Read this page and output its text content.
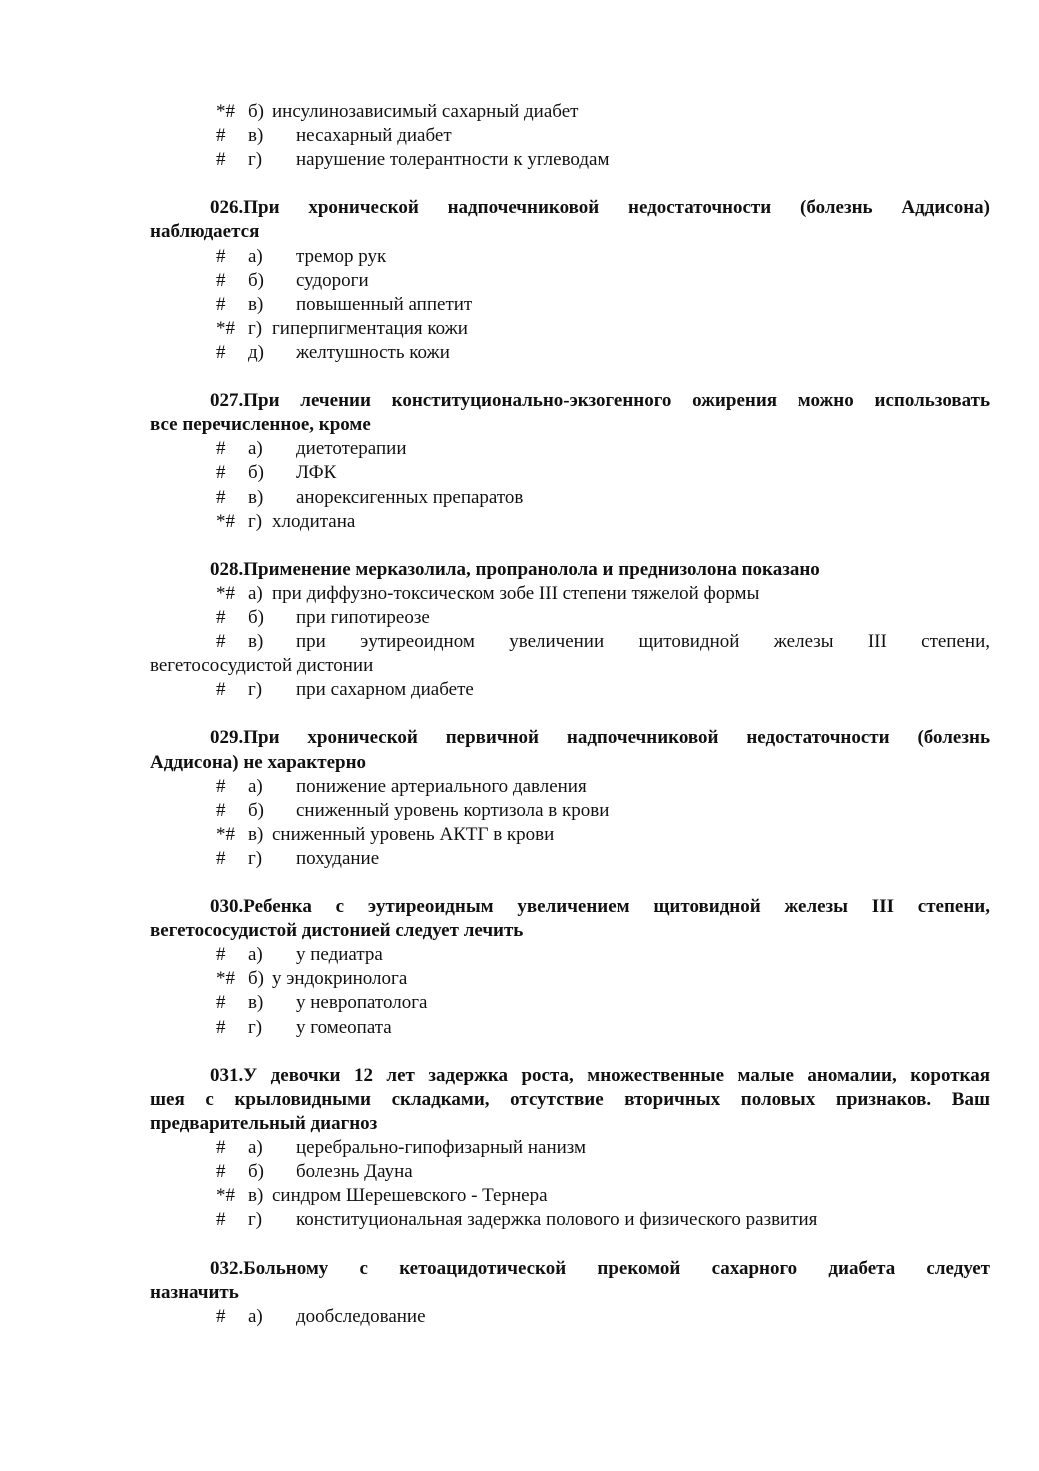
*# б) инсулинозависимый сахарный диабет
# в) несахарный диабет
# г) нарушение толерантности к углеводам
026.При хронической надпочечниковой недостаточности (болезнь Аддисона)
наблюдается
# а) тремор рук
# б) судороги
# в) повышенный аппетит
*# г) гиперпигментация кожи
# д) желтушность кожи
027.При лечении конституционально-экзогенного ожирения можно использовать
все перечисленное, кроме
# а) диетотерапии
# б) ЛФК
# в) анорексигенных препаратов
*# г) хлодитана
028.Применение мерказолила, пропранолола и преднизолона показано
*# а) при диффузно-токсическом зобе III степени тяжелой формы
# б) при гипотиреозе
# в) при эутиреоидном увеличении щитовидной железы III степени,
вегетососудистой дистонии
# г) при сахарном диабете
029.При хронической первичной надпочечниковой недостаточности (болезнь
Аддисона) не характерно
# а) понижение артериального давления
# б) сниженный уровень кортизола в крови
*# в) сниженный уровень АКТГ в крови
# г) похудание
030.Ребенка с эутиреоидным увеличением щитовидной железы III степени,
вегетососудистой дистонией следует лечить
# а) у педиатра
*# б) у эндокринолога
# в) у невропатолога
# г) у гомеопата
031.У девочки 12 лет задержка роста, множественные малые аномалии, короткая
шея с крыловидными складками, отсутствие вторичных половых признаков. Ваш
предварительный диагноз
# а) церебрально-гипофизарный нанизм
# б) болезнь Дауна
*# в) синдром Шерешевского - Тернера
# г) конституциональная задержка полового и физического развития
032.Больному с кетоацидотической прекомой сахарного диабета следует
назначить
# а) дообследование
